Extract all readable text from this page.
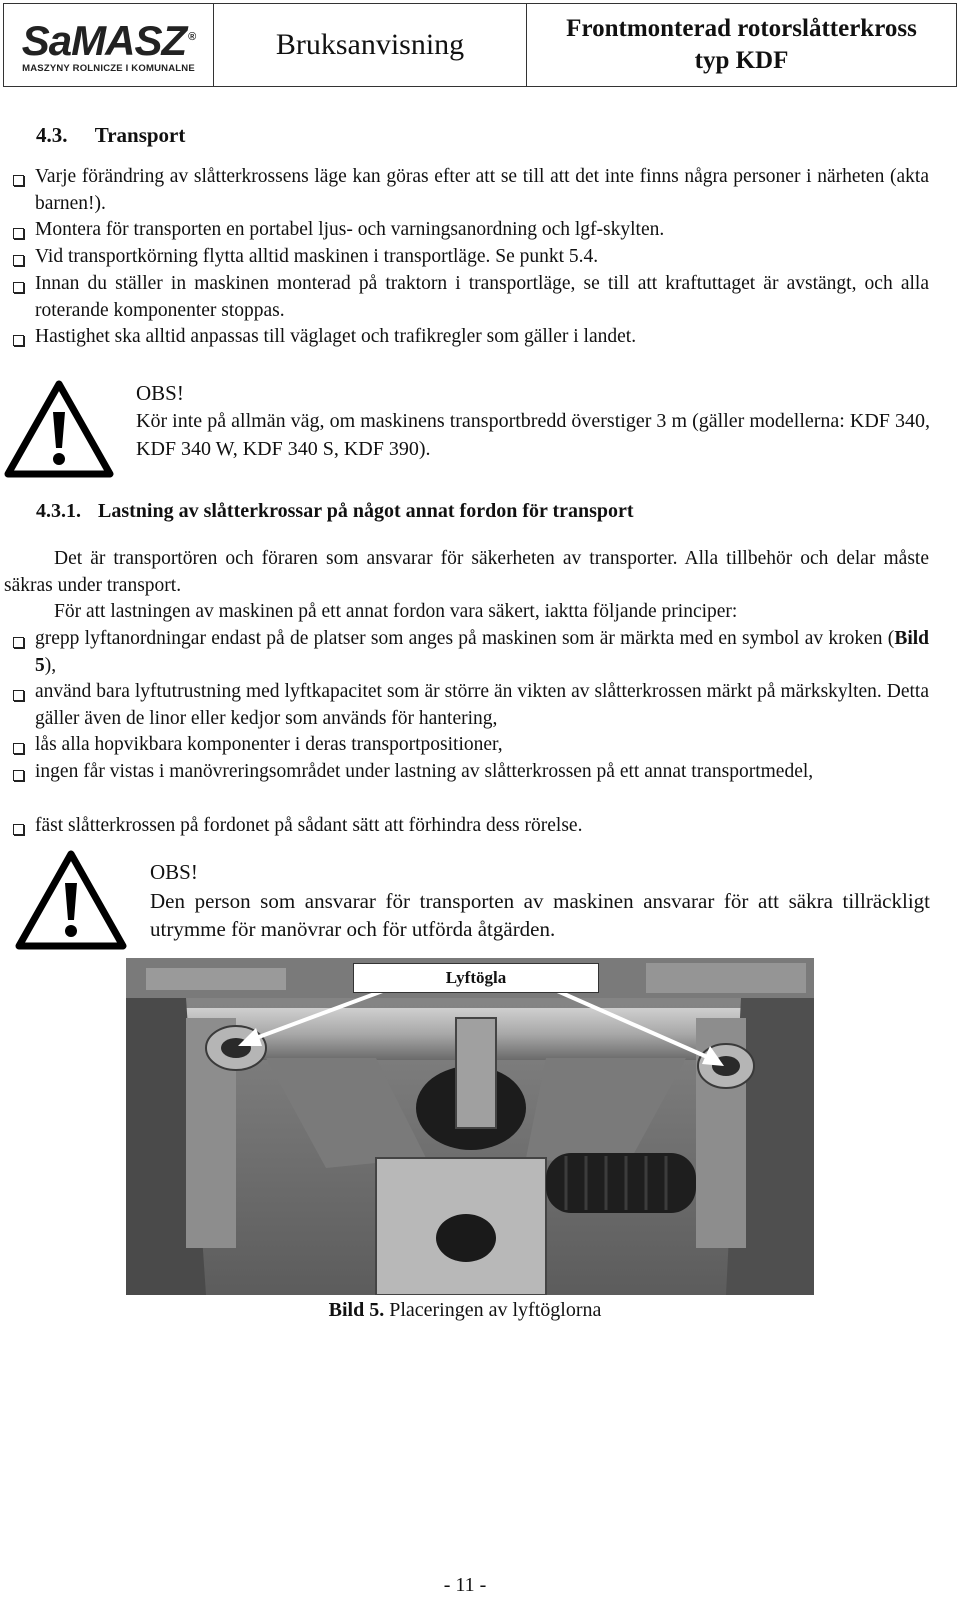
SaMASZ ®
MASZYNY ROLNICZE I KOMUNALNE
Bruksanvisning	Frontmonterad rotorslåtterkross
typ KDF
4.3. Transport
Varje förändring av slåtterkrossens läge kan göras efter att se till att det inte finns några personer i närheten (akta barnen!).
Montera för transporten en portabel ljus- och varningsanordning och lgf-skylten.
Vid transportkörning flytta alltid maskinen i transportläge. Se punkt 5.4.
Innan du ställer in maskinen monterad på traktorn i transportläge, se till att kraftuttaget är avstängt, och alla roterande komponenter stoppas.
Hastighet ska alltid anpassas till väglaget och trafikregler som gäller i landet.
OBS!
Kör inte på allmän väg, om maskinens transportbredd överstiger 3 m (gäller modellerna: KDF 340, KDF 340 W, KDF 340 S, KDF 390).
4.3.1. Lastning av slåtterkrossar på något annat fordon för transport
Det är transportören och föraren som ansvarar för säkerheten av transporter. Alla tillbehör och delar måste säkras under transport.
För att lastningen av maskinen på ett annat fordon vara säkert, iaktta följande principer:
grepp lyftanordningar endast på de platser som anges på maskinen som är märkta med en symbol av kroken (Bild 5),
använd bara lyftutrustning med lyftkapacitet som är större än vikten av slåtterkrossen märkt på märkskylten. Detta gäller även de linor eller kedjor som används för hantering,
lås alla hopvikbara komponenter i deras transportpositioner,
ingen får vistas i manövreringsområdet under lastning av slåtterkrossen på ett annat transportmedel,
fäst slåtterkrossen på fordonet på sådant sätt att förhindra dess rörelse.
OBS!
Den person som ansvarar för transporten av maskinen ansvarar för att säkra tillräckligt utrymme för manövrar och för utförda åtgärden.
Lyftögla
Bild 5. Placeringen av lyftöglorna
- 11 -
